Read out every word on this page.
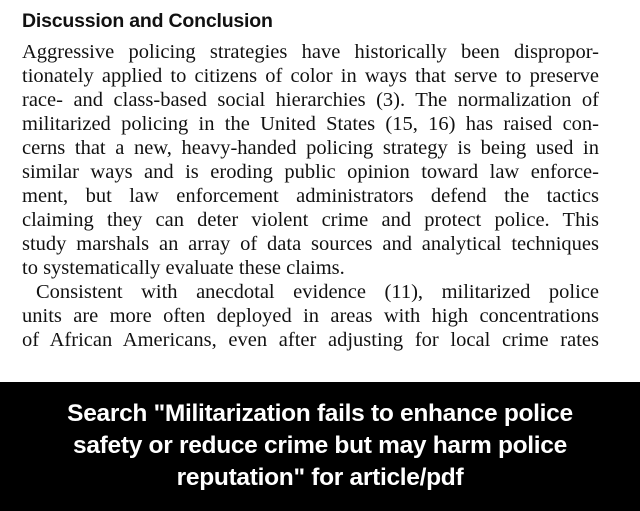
Discussion and Conclusion
Aggressive policing strategies have historically been dispropor-
tionately applied to citizens of color in ways that serve to preserve
race- and class-based social hierarchies (3). The normalization of
militarized policing in the United States (15, 16) has raised con-
cerns that a new, heavy-handed policing strategy is being used in
similar ways and is eroding public opinion toward law enforce-
ment, but law enforcement administrators defend the tactics
claiming they can deter violent crime and protect police. This
study marshals an array of data sources and analytical techniques
to systematically evaluate these claims.
Consistent with anecdotal evidence (11), militarized police
units are more often deployed in areas with high concentrations
of African Americans, even after adjusting for local crime rates
Search "Militarization fails to enhance police
safety or reduce crime but may harm police
reputation" for article/pdf
